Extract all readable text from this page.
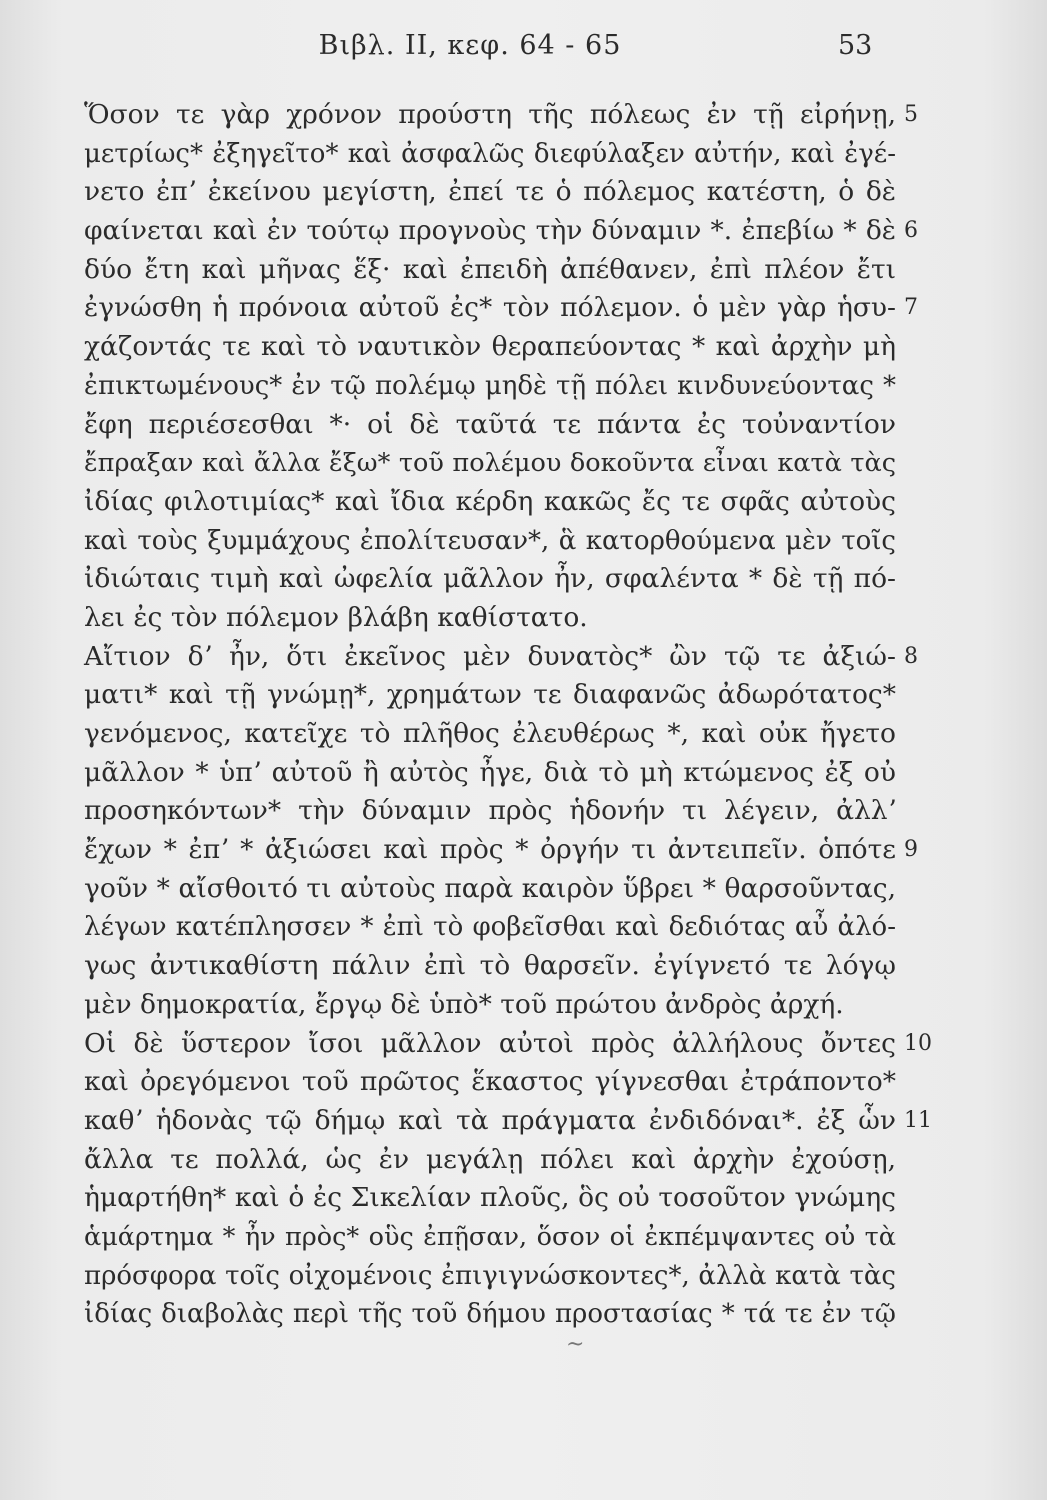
Βιβλ. II, κεφ. 64 - 65	53
Ὅσον τε γὰρ χρόνον προύστη τῆς πόλεως ἐν τῇ εἰρήνῃ, 5
μετρίως* ἐξηγεῖτο* καὶ ἀσφαλῶς διεφύλαξεν αὐτήν, καὶ ἐγέ-
νετο ἐπʼ ἐκείνου μεγίστη, ἐπεί τε ὁ πόλεμος κατέστη, ὁ δὲ
φαίνεται καὶ ἐν τούτῳ προγνοὺς τὴν δύναμιν *. ἐπεβίω * δὲ 6
δύο ἔτη καὶ μῆνας ἕξ· καὶ ἐπειδὴ ἀπέθανεν, ἐπὶ πλέον ἔτι
ἐγνώσθη ἡ πρόνοια αὐτοῦ ἐς* τὸν πόλεμον. ὁ μὲν γὰρ ἡσυ- 7
χάζοντάς τε καὶ τὸ ναυτικὸν θεραπεύοντας * καὶ ἀρχὴν μὴ
ἐπικτωμένους* ἐν τῷ πολέμῳ μηδὲ τῇ πόλει κινδυνεύοντας *
ἔφη περιέσεσθαι *· οἱ δὲ ταῦτά τε πάντα ἐς τοὐναντίον
ἔπραξαν καὶ ἄλλα ἔξω* τοῦ πολέμου δοκοῦντα εἶναι κατὰ τὰς
ἰδίας φιλοτιμίας* καὶ ἴδια κέρδη κακῶς ἔς τε σφᾶς αὐτοὺς
καὶ τοὺς ξυμμάχους ἐπολίτευσαν*, ἃ κατορθούμενα μὲν τοῖς
ἰδιώταις τιμὴ καὶ ὠφελία μᾶλλον ἦν, σφαλέντα * δὲ τῇ πό-
λει ἐς τὸν πόλεμον βλάβη καθίστατο.
Αἴτιον δʼ ἦν, ὅτι ἐκεῖνος μὲν δυνατὸς* ὢν τῷ τε ἀξιώ- 8
ματι* καὶ τῇ γνώμῃ*, χρημάτων τε διαφανῶς ἀδωρότατος*
γενόμενος, κατεῖχε τὸ πλῆθος ἐλευθέρως *, καὶ οὐκ ἤγετο
μᾶλλον * ὑπʼ αὐτοῦ ἢ αὐτὸς ἦγε, διὰ τὸ μὴ κτώμενος ἐξ οὐ
προσηκόντων* τὴν δύναμιν πρὸς ἡδονήν τι λέγειν, ἀλλʼ
ἔχων * ἐπʼ * ἀξιώσει καὶ πρὸς * ὀργήν τι ἀντειπεῖν. ὁπότε 9
γοῦν * αἴσθοιτό τι αὐτοὺς παρὰ καιρὸν ὕβρει * θαρσοῦντας,
λέγων κατέπλησσεν * ἐπὶ τὸ φοβεῖσθαι καὶ δεδιότας αὖ ἀλό-
γως ἀντικαθίστη πάλιν ἐπὶ τὸ θαρσεῖν. ἐγίγνετό τε λόγῳ
μὲν δημοκρατία, ἔργῳ δὲ ὑπὸ* τοῦ πρώτου ἀνδρὸς ἀρχή.
Οἱ δὲ ὕστερον ἴσοι μᾶλλον αὐτοὶ πρὸς ἀλλήλους ὄντες 10
καὶ ὀρεγόμενοι τοῦ πρῶτος ἕκαστος γίγνεσθαι ἐτράποντο*
καθʼ ἡδονὰς τῷ δήμῳ καὶ τὰ πράγματα ἐνδιδόναι*. ἐξ ὧν 11
ἄλλα τε πολλά, ὡς ἐν μεγάλῃ πόλει καὶ ἀρχὴν ἐχούσῃ,
ἡμαρτήθη* καὶ ὁ ἐς Σικελίαν πλοῦς, ὃς οὐ τοσοῦτον γνώμης
ἁμάρτημα * ἦν πρὸς* οὓς ἐπῇσαν, ὅσον οἱ ἐκπέμψαντες οὐ τὰ
πρόσφορα τοῖς οἰχομένοις ἐπιγιγνώσκοντες*, ἀλλὰ κατὰ τὰς
ἰδίας διαβολὰς περὶ τῆς τοῦ δήμου προστασίας * τά τε ἐν τῷ
~
